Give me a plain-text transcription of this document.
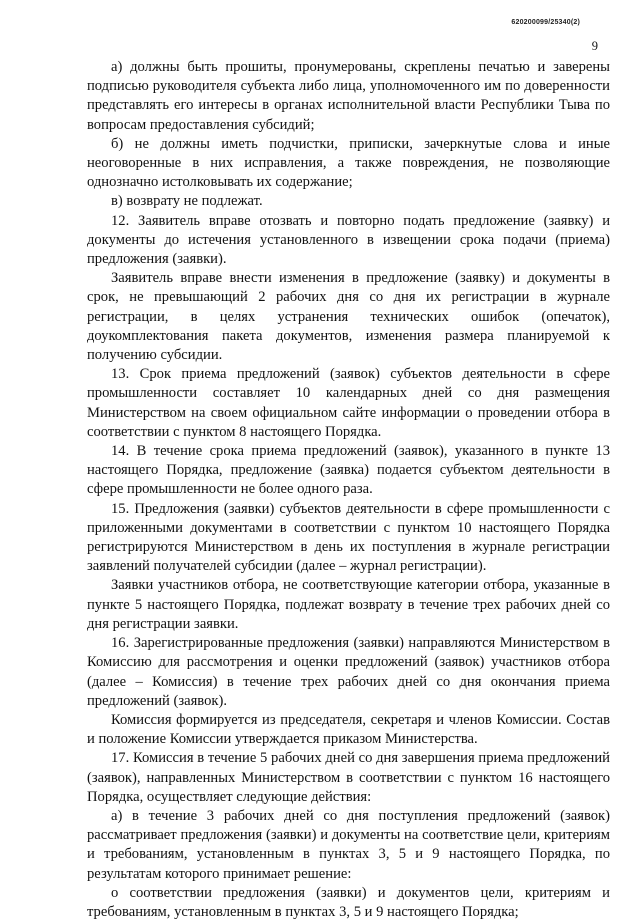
620200099/25340(2)
9

а) должны быть прошиты, пронумерованы, скреплены печатью и заверены подписью руководителя субъекта либо лица, уполномоченного им по доверенности представлять его интересы в органах исполнительной власти Республики Тыва по вопросам предоставления субсидий;

б) не должны иметь подчистки, приписки, зачеркнутые слова и иные неоговоренные в них исправления, а также повреждения, не позволяющие однозначно истолковывать их содержание;

в) возврату не подлежат.

12. Заявитель вправе отозвать и повторно подать предложение (заявку) и документы до истечения установленного в извещении срока подачи (приема) предложения (заявки).

Заявитель вправе внести изменения в предложение (заявку) и документы в срок, не превышающий 2 рабочих дня со дня их регистрации в журнале регистрации, в целях устранения технических ошибок (опечаток), доукомплектования пакета документов, изменения размера планируемой к получению субсидии.

13. Срок приема предложений (заявок) субъектов деятельности в сфере промышленности составляет 10 календарных дней со дня размещения Министерством на своем официальном сайте информации о проведении отбора в соответствии с пунктом 8 настоящего Порядка.

14. В течение срока приема предложений (заявок), указанного в пункте 13 настоящего Порядка, предложение (заявка) подается субъектом деятельности в сфере промышленности не более одного раза.

15. Предложения (заявки) субъектов деятельности в сфере промышленности с приложенными документами в соответствии с пунктом 10 настоящего Порядка регистрируются Министерством в день их поступления в журнале регистрации заявлений получателей субсидии (далее – журнал регистрации).

Заявки участников отбора, не соответствующие категории отбора, указанные в пункте 5 настоящего Порядка, подлежат возврату в течение трех рабочих дней со дня регистрации заявки.

16. Зарегистрированные предложения (заявки) направляются Министерством в Комиссию для рассмотрения и оценки предложений (заявок) участников отбора (далее – Комиссия) в течение трех рабочих дней со дня окончания приема предложений (заявок).

Комиссия формируется из председателя, секретаря и членов Комиссии. Состав и положение Комиссии утверждается приказом Министерства.

17. Комиссия в течение 5 рабочих дней со дня завершения приема предложений (заявок), направленных Министерством в соответствии с пунктом 16 настоящего Порядка, осуществляет следующие действия:

а) в течение 3 рабочих дней со дня поступления предложений (заявок) рассматривает предложения (заявки) и документы на соответствие цели, критериям и требованиям, установленным в пунктах 3, 5 и 9 настоящего Порядка, по результатам которого принимает решение:

о соответствии предложения (заявки) и документов цели, критериям и требованиям, установленным в пунктах 3, 5 и 9 настоящего Порядка;
